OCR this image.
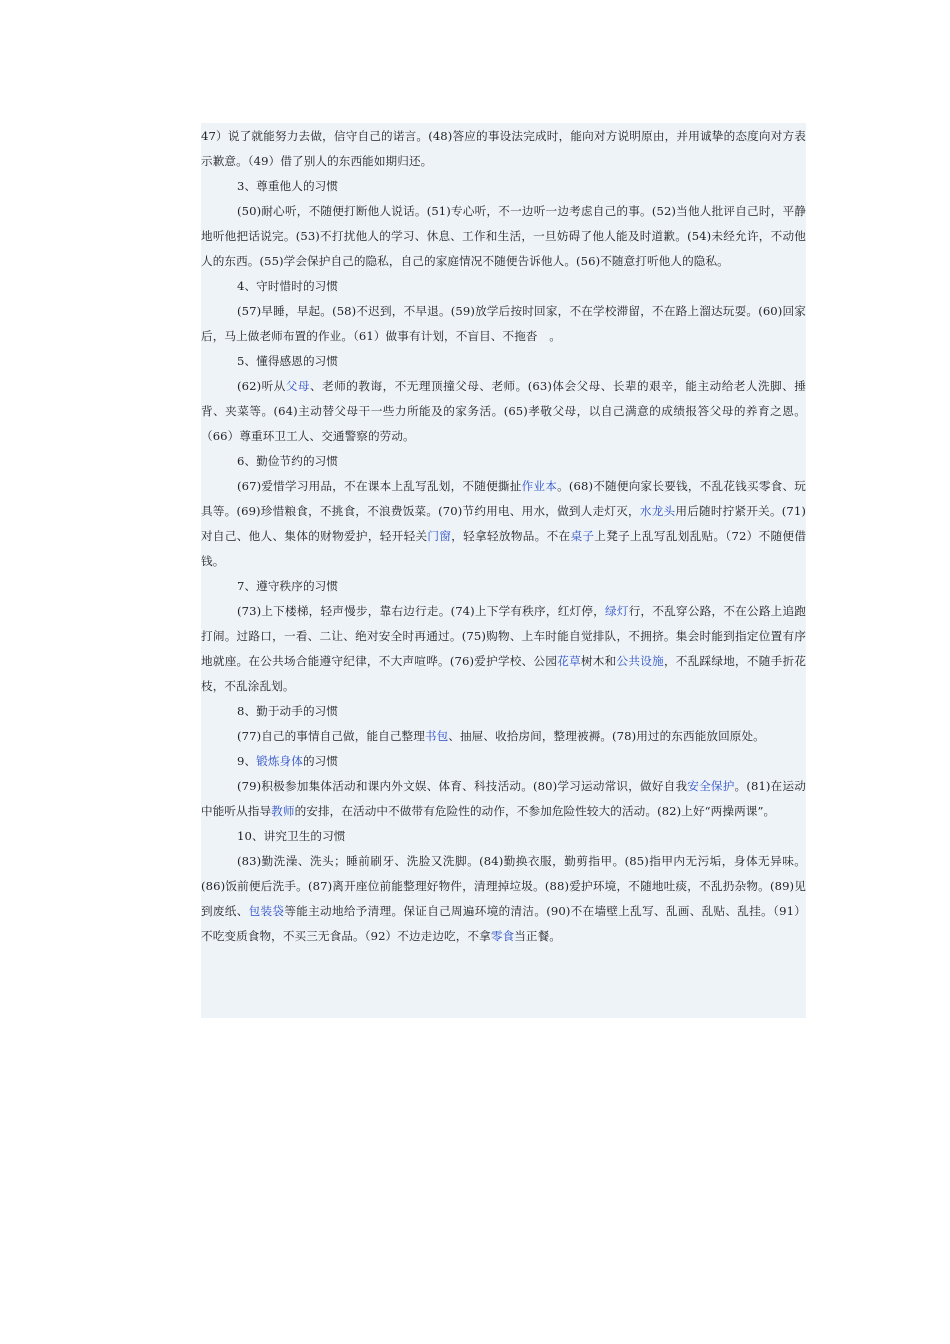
47）说了就能努力去做，信守自己的诺言。(48)答应的事设法完成时，能向对方说明原由，并用诚挚的态度向对方表示歉意。（49）借了别人的东西能如期归还。

3、尊重他人的习惯

(50)耐心听，不随便打断他人说话。(51)专心听，不一边听一边考虑自己的事。(52)当他人批评自己时，平静地听他把话说完。(53)不打扰他人的学习、休息、工作和生活，一旦妨碍了他人能及时道歉。(54)未经允许，不动他人的东西。(55)学会保护自己的隐私，自己的家庭情况不随便告诉他人。(56)不随意打听他人的隐私。

4、守时惜时的习惯

(57)早睡，早起。(58)不迟到，不早退。(59)放学后按时回家，不在学校滞留，不在路上溜达玩耍。(60)回家后，马上做老师布置的作业。（61）做事有计划，不盲目、不拖沓　。

5、懂得感恩的习惯

(62)听从父母、老师的教诲，不无理顶撞父母、老师。(63)体会父母、长辈的艰辛，能主动给老人洗脚、捶背、夹菜等。(64)主动替父母干一些力所能及的家务活。(65)孝敬父母，以自己满意的成绩报答父母的养育之恩。（66）尊重环卫工人、交通警察的劳动。

6、勤俭节约的习惯

(67)爱惜学习用品，不在课本上乱写乱划，不随便撕扯作业本。(68)不随便向家长要钱，不乱花钱买零食、玩具等。(69)珍惜粮食，不挑食，不浪费饭菜。(70)节约用电、用水，做到人走灯灭，水龙头用后随时拧紧开关。(71)对自己、他人、集体的财物爱护，轻开轻关门窗，轻拿轻放物品。不在桌子上凳子上乱写乱划乱贴。（72）不随便借钱。

7、遵守秩序的习惯

(73)上下楼梯，轻声慢步，靠右边行走。(74)上下学有秩序，红灯停，绿灯行，不乱穿公路，不在公路上追跑打闹。过路口，一看、二让、绝对安全时再通过。(75)购物、上车时能自觉排队，不拥挤。集会时能到指定位置有序地就座。在公共场合能遵守纪律，不大声喧哗。(76)爱护学校、公园花草树木和公共设施，不乱踩绿地，不随手折花枝，不乱涂乱划。

8、勤于动手的习惯

(77)自己的事情自己做，能自己整理书包、抽屉、收拾房间，整理被褥。(78)用过的东西能放回原处。

9、锻炼身体的习惯

(79)积极参加集体活动和课内外文娱、体育、科技活动。(80)学习运动常识，做好自我安全保护。(81)在运动中能听从指导教师的安排，在活动中不做带有危险性的动作，不参加危险性较大的活动。(82)上好“两操两课”。

10、讲究卫生的习惯

(83)勤洗澡、洗头；睡前刷牙、洗脸又洗脚。(84)勤换衣服，勤剪指甲。(85)指甲内无污垢，身体无异味。(86)饭前便后洗手。(87)离开座位前能整理好物件，清理掉垃圾。(88)爱护环境，不随地吐痰，不乱扔杂物。(89)见到废纸、包装袋等能主动地给予清理。保证自己周遍环境的清洁。(90)不在墙壁上乱写、乱画、乱贴、乱挂。（91）不吃变质食物，不买三无食品。（92）不边走边吃，不拿零食当正餐。
